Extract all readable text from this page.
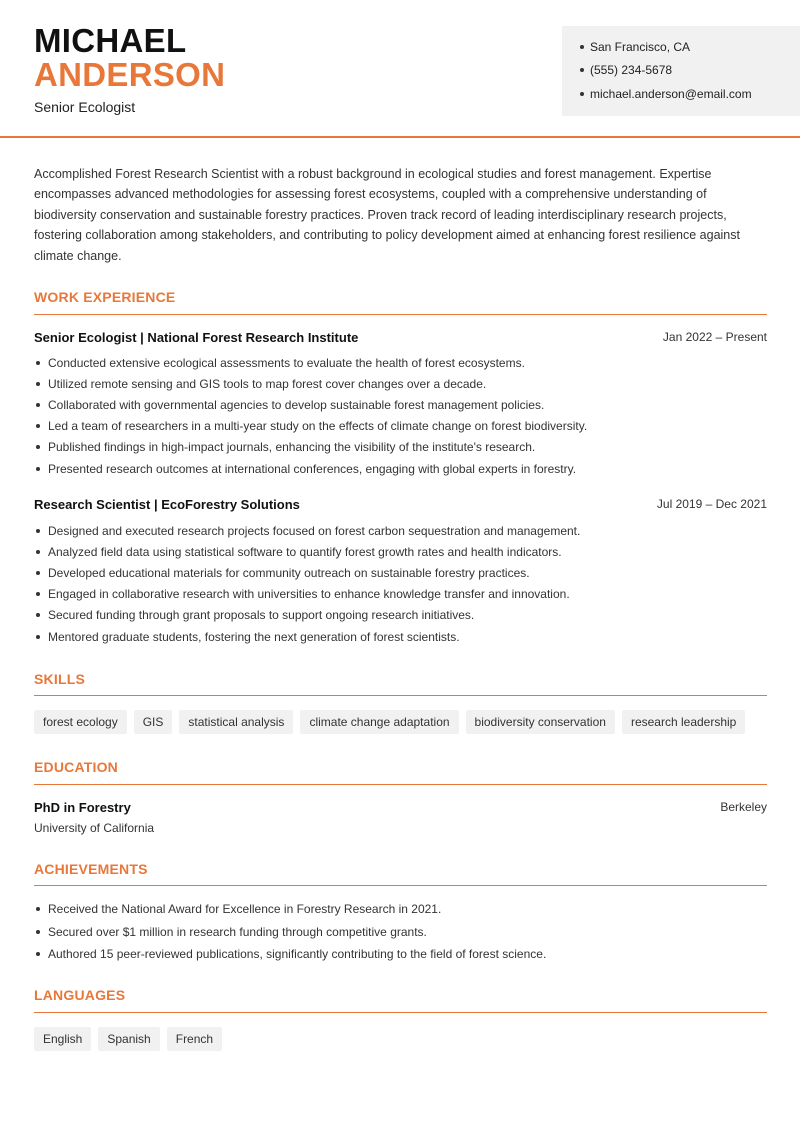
MICHAEL
ANDERSON
Senior Ecologist
San Francisco, CA
(555) 234-5678
michael.anderson@email.com

Accomplished Forest Research Scientist with a robust background in ecological studies and forest management. Expertise encompasses advanced methodologies for assessing forest ecosystems, coupled with a comprehensive understanding of biodiversity conservation and sustainable forestry practices. Proven track record of leading interdisciplinary research projects, fostering collaboration among stakeholders, and contributing to policy development aimed at enhancing forest resilience against climate change.

WORK EXPERIENCE
Senior Ecologist | National Forest Research Institute	Jan 2022 – Present
Conducted extensive ecological assessments to evaluate the health of forest ecosystems.
Utilized remote sensing and GIS tools to map forest cover changes over a decade.
Collaborated with governmental agencies to develop sustainable forest management policies.
Led a team of researchers in a multi-year study on the effects of climate change on forest biodiversity.
Published findings in high-impact journals, enhancing the visibility of the institute's research.
Presented research outcomes at international conferences, engaging with global experts in forestry.
Research Scientist | EcoForestry Solutions	Jul 2019 – Dec 2021
Designed and executed research projects focused on forest carbon sequestration and management.
Analyzed field data using statistical software to quantify forest growth rates and health indicators.
Developed educational materials for community outreach on sustainable forestry practices.
Engaged in collaborative research with universities to enhance knowledge transfer and innovation.
Secured funding through grant proposals to support ongoing research initiatives.
Mentored graduate students, fostering the next generation of forest scientists.
SKILLS
forest ecology	GIS	statistical analysis	climate change adaptation	biodiversity conservation	research leadership
EDUCATION
PhD in Forestry	Berkeley
University of California
ACHIEVEMENTS
Received the National Award for Excellence in Forestry Research in 2021.
Secured over $1 million in research funding through competitive grants.
Authored 15 peer-reviewed publications, significantly contributing to the field of forest science.
LANGUAGES
English	Spanish	French
